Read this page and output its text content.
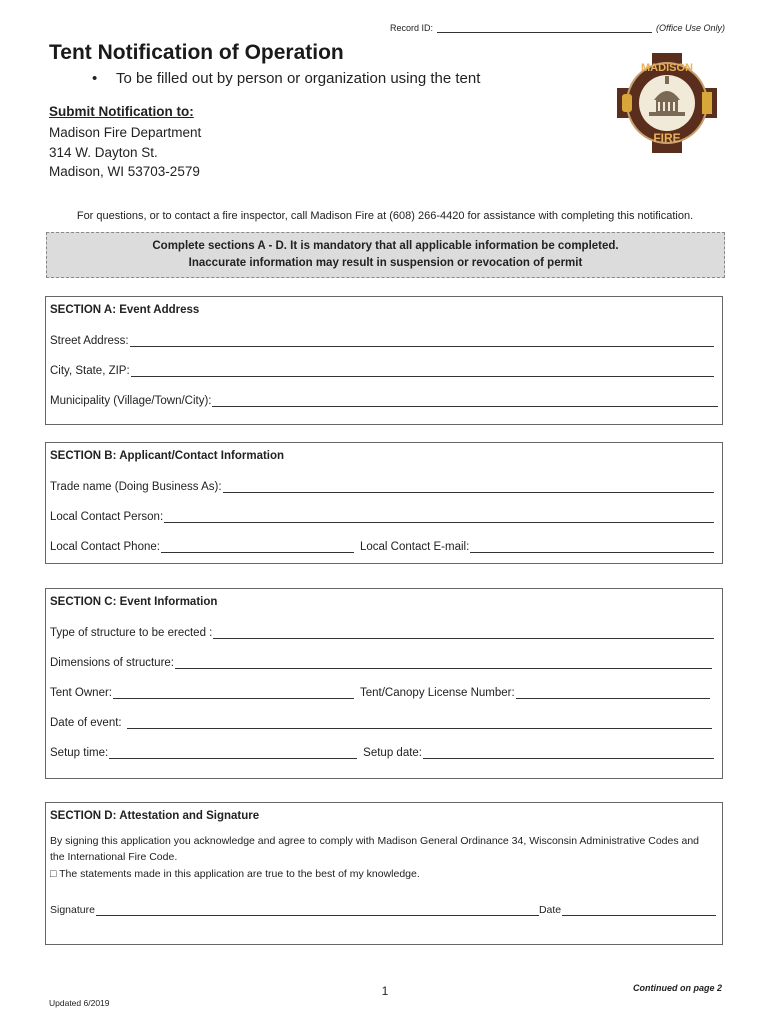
Record ID:	(Office Use Only)
Tent Notification of Operation
• To be filled out by person or organization using the tent
Submit Notification to:
Madison Fire Department
314 W. Dayton St.
Madison, WI 53703-2579
MADISON
FIRE
For questions, or to contact a fire inspector, call Madison Fire at (608) 266-4420 for assistance with completing this notification.
Complete sections A - D. It is mandatory that all applicable information be completed.
Inaccurate information may result in suspension or revocation of permit
SECTION A: Event Address
Street Address:
City, State, ZIP:
Municipality (Village/Town/City):
SECTION B: Applicant/Contact Information
Trade name (Doing Business As):
Local Contact Person:
Local Contact Phone:	Local Contact E-mail:
SECTION C: Event Information
Type of structure to be erected :
Dimensions of structure:
Tent Owner:	Tent/Canopy License Number:
Date of event:
Setup time:	Setup date:
SECTION D: Attestation and Signature
By signing this application you acknowledge and agree to comply with Madison General Ordinance 34, Wisconsin Administrative Codes and the International Fire Code.
□ The statements made in this application are true to the best of my knowledge.
Signature	Date
1	Continued on page 2
Updated 6/2019
